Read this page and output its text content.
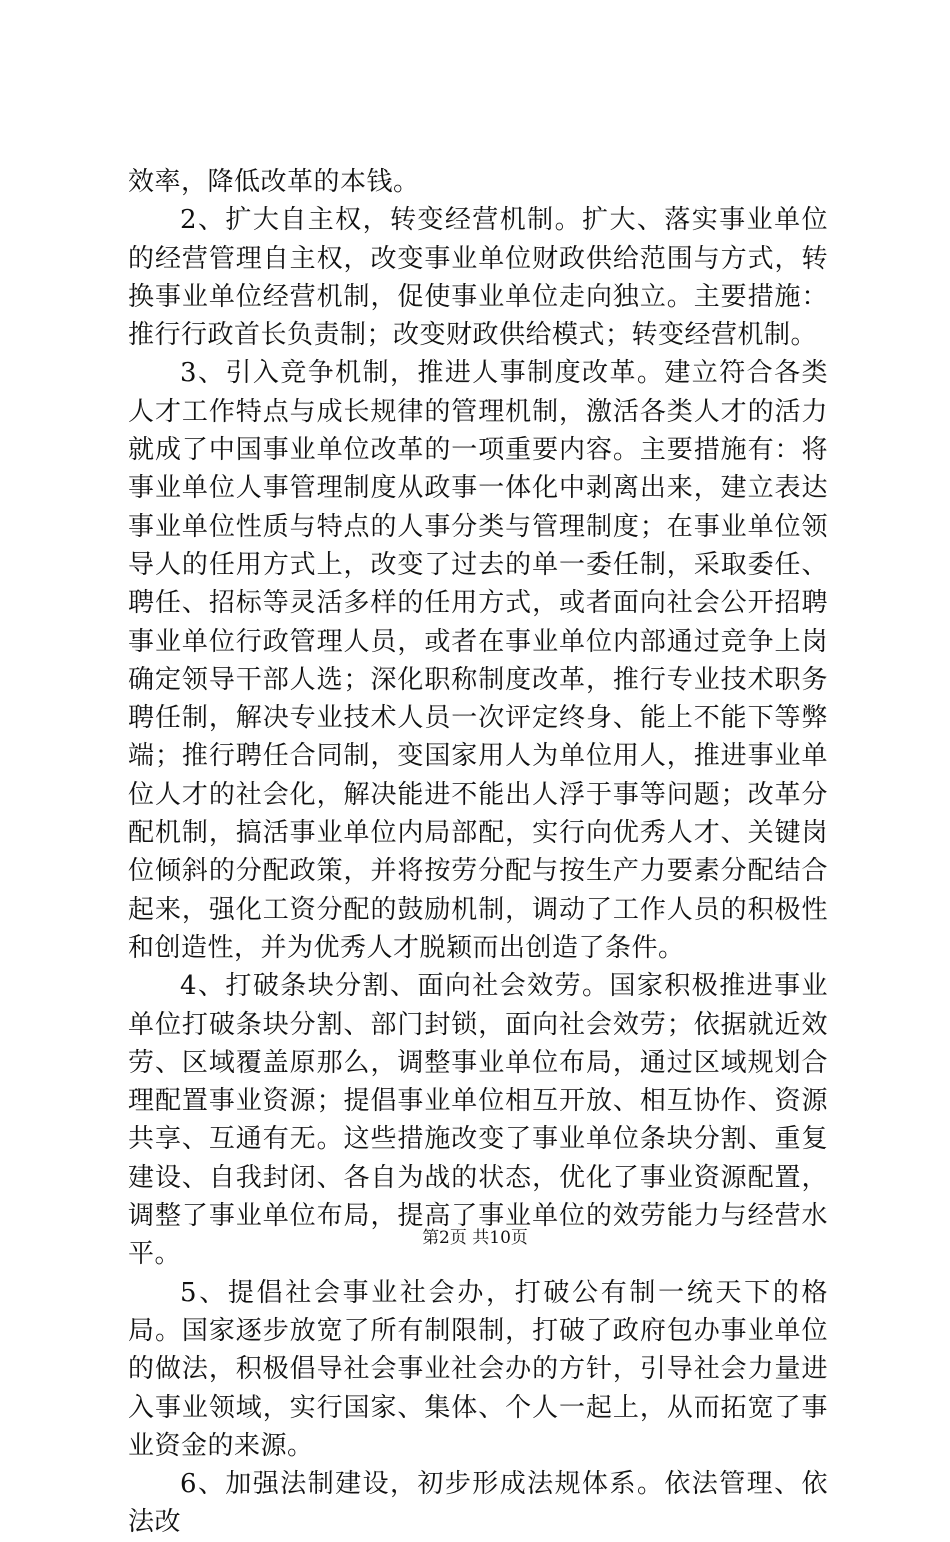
效率，降低改革的本钱。

2、扩大自主权，转变经营机制。扩大、落实事业单位的经营管理自主权，改变事业单位财政供给范围与方式，转换事业单位经营机制，促使事业单位走向独立。主要措施：推行行政首长负责制；改变财政供给模式；转变经营机制。

3、引入竞争机制，推进人事制度改革。建立符合各类人才工作特点与成长规律的管理机制，激活各类人才的活力就成了中国事业单位改革的一项重要内容。主要措施有：将事业单位人事管理制度从政事一体化中剥离出来，建立表达事业单位性质与特点的人事分类与管理制度；在事业单位领导人的任用方式上，改变了过去的单一委任制，采取委任、聘任、招标等灵活多样的任用方式，或者面向社会公开招聘事业单位行政管理人员，或者在事业单位内部通过竞争上岗确定领导干部人选；深化职称制度改革，推行专业技术职务聘任制，解决专业技术人员一次评定终身、能上不能下等弊端；推行聘任合同制，变国家用人为单位用人，推进事业单位人才的社会化，解决能进不能出人浮于事等问题；改革分配机制，搞活事业单位内局部配，实行向优秀人才、关键岗位倾斜的分配政策，并将按劳分配与按生产力要素分配结合起来，强化工资分配的鼓励机制，调动了工作人员的积极性和创造性，并为优秀人才脱颖而出创造了条件。

4、打破条块分割、面向社会效劳。国家积极推进事业单位打破条块分割、部门封锁，面向社会效劳；依据就近效劳、区域覆盖原那么，调整事业单位布局，通过区域规划合理配置事业资源；提倡事业单位相互开放、相互协作、资源共享、互通有无。这些措施改变了事业单位条块分割、重复建设、自我封闭、各自为战的状态，优化了事业资源配置，调整了事业单位布局，提高了事业单位的效劳能力与经营水平。

5、提倡社会事业社会办，打破公有制一统天下的格局。国家逐步放宽了所有制限制，打破了政府包办事业单位的做法，积极倡导社会事业社会办的方针，引导社会力量进入事业领域，实行国家、集体、个人一起上，从而拓宽了事业资金的来源。

6、加强法制建设，初步形成法规体系。依法管理、依法改

第2页 共10页
